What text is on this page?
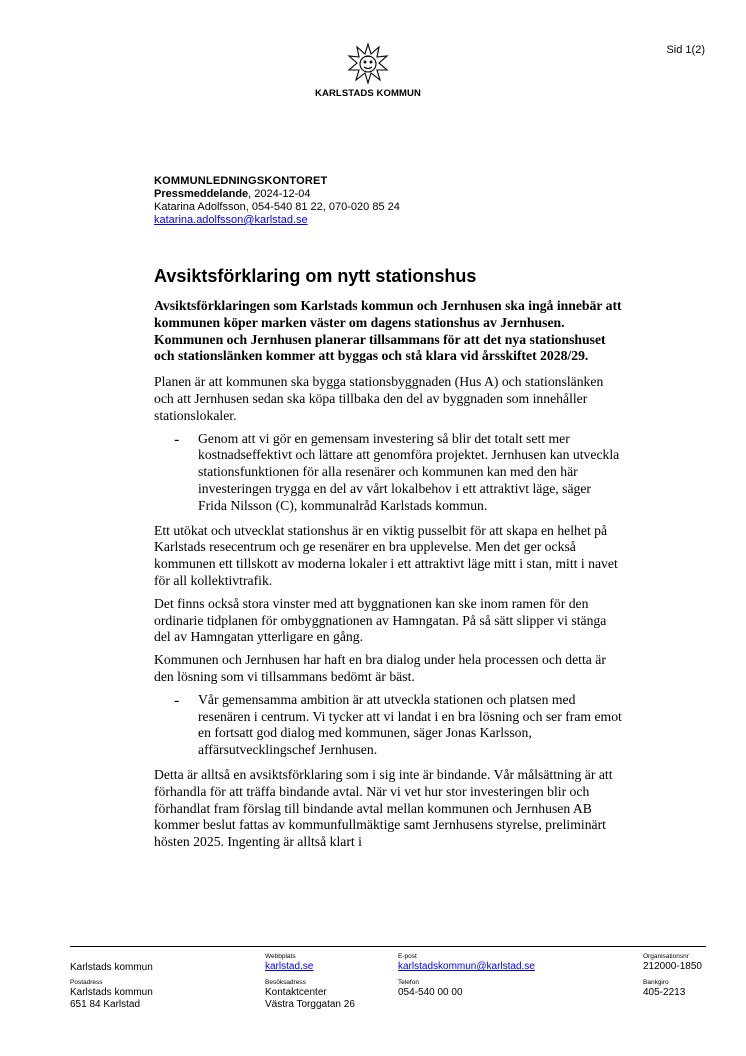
Sid 1(2)
KARLSTADS KOMMUN
KOMMUNLEDNINGSKONTORET
Pressmeddelande, 2024-12-04
Katarina Adolfsson, 054-540 81 22, 070-020 85 24
katarina.adolfsson@karlstad.se
Avsiktsförklaring om nytt stationshus
Avsiktsförklaringen som Karlstads kommun och Jernhusen ska ingå innebär att kommunen köper marken väster om dagens stationshus av Jernhusen. Kommunen och Jernhusen planerar tillsammans för att det nya stationshuset och stationslänken kommer att byggas och stå klara vid årsskiftet 2028/29.

Planen är att kommunen ska bygga stationsbyggnaden (Hus A) och stationslänken och att Jernhusen sedan ska köpa tillbaka den del av byggnaden som innehåller stationslokaler.

- Genom att vi gör en gemensam investering så blir det totalt sett mer kostnadseffektivt och lättare att genomföra projektet. Jernhusen kan utveckla stationsfunktionen för alla resenärer och kommunen kan med den här investeringen trygga en del av vårt lokalbehov i ett attraktivt läge, säger Frida Nilsson (C), kommunalråd Karlstads kommun.

Ett utökat och utvecklat stationshus är en viktig pusselbit för att skapa en helhet på Karlstads resecentrum och ge resenärer en bra upplevelse. Men det ger också kommunen ett tillskott av moderna lokaler i ett attraktivt läge mitt i stan, mitt i navet för all kollektivtrafik.

Det finns också stora vinster med att byggnationen kan ske inom ramen för den ordinarie tidplanen för ombyggnationen av Hamngatan. På så sätt slipper vi stänga del av Hamngatan ytterligare en gång.

Kommunen och Jernhusen har haft en bra dialog under hela processen och detta är den lösning som vi tillsammans bedömt är bäst.

- Vår gemensamma ambition är att utveckla stationen och platsen med resenären i centrum. Vi tycker att vi landat i en bra lösning och ser fram emot en fortsatt god dialog med kommunen, säger Jonas Karlsson, affärsutvecklingschef Jernhusen.

Detta är alltså en avsiktsförklaring som i sig inte är bindande. Vår målsättning är att förhandla för att träffa bindande avtal. När vi vet hur stor investeringen blir och förhandlat fram förslag till bindande avtal mellan kommunen och Jernhusen AB kommer beslut fattas av kommunfullmäktige samt Jernhusens styrelse, preliminärt hösten 2025. Ingenting är alltså klart i

Karlstads kommun
Webbplats
karlstad.se
E-post
karlstadskommun@karlstad.se
Organisationsnr
212000-1850
Postadress
Karlstads kommun
651 84 Karlstad
Besöksadress
Kontaktcenter
Västra Torggatan 26
Telefon
054-540 00 00
Bankgiro
405-2213
